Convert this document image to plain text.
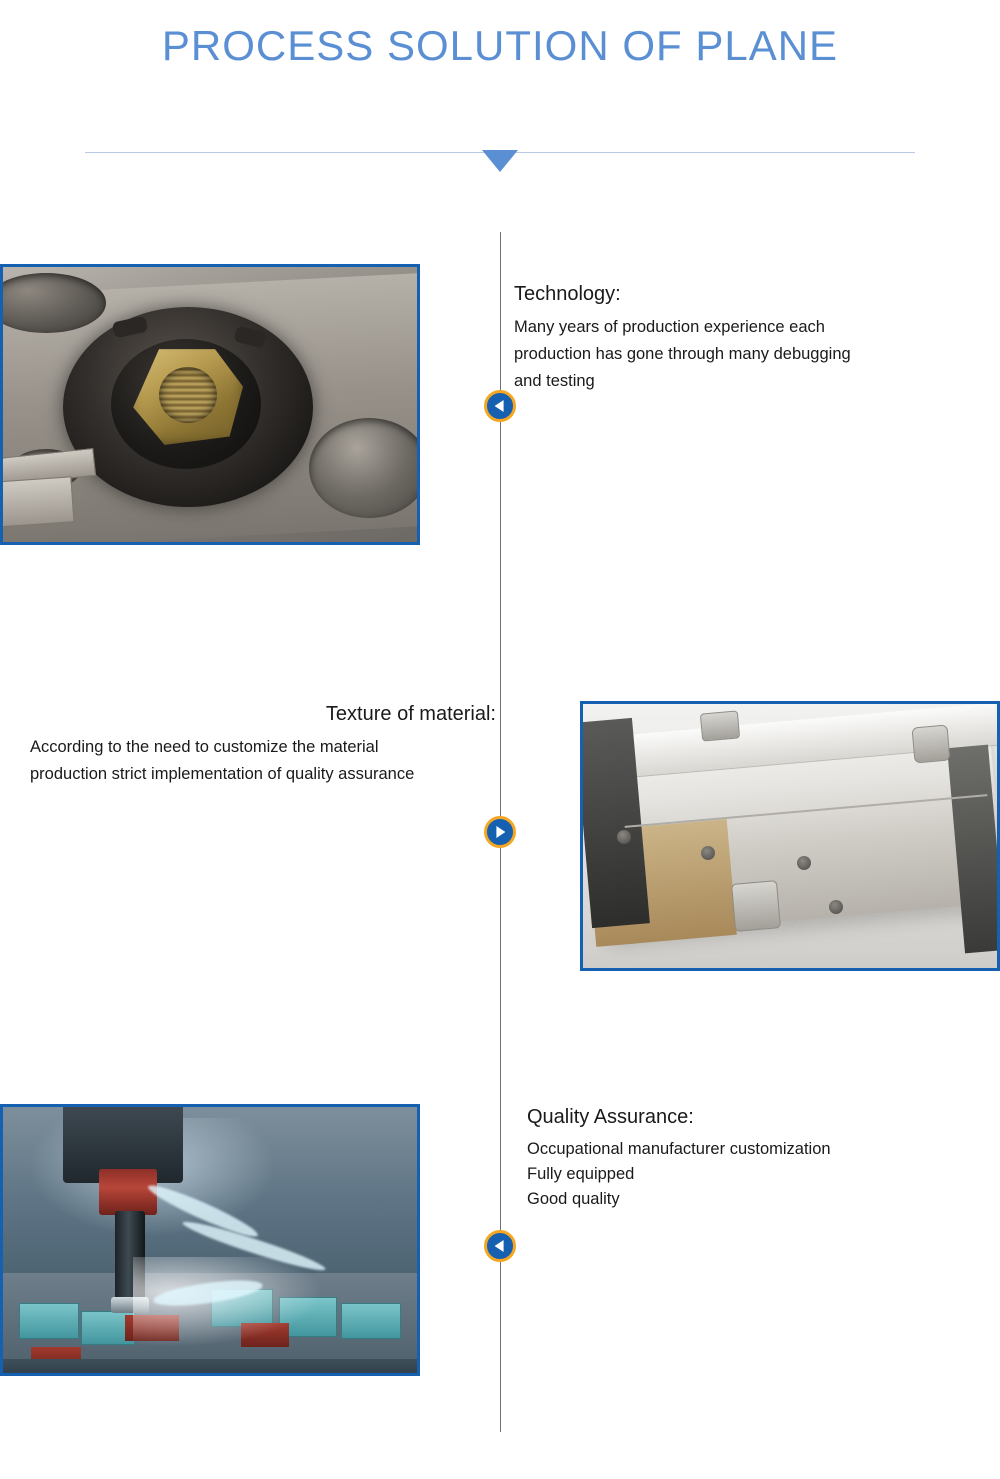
PROCESS SOLUTION OF PLANE
Technology:
Many years of production experience each
production has gone through many debugging
and testing
Texture of material:
According to the need to customize the material
production strict implementation of quality assurance
Quality Assurance:
Occupational manufacturer customization
Fully equipped
Good quality
